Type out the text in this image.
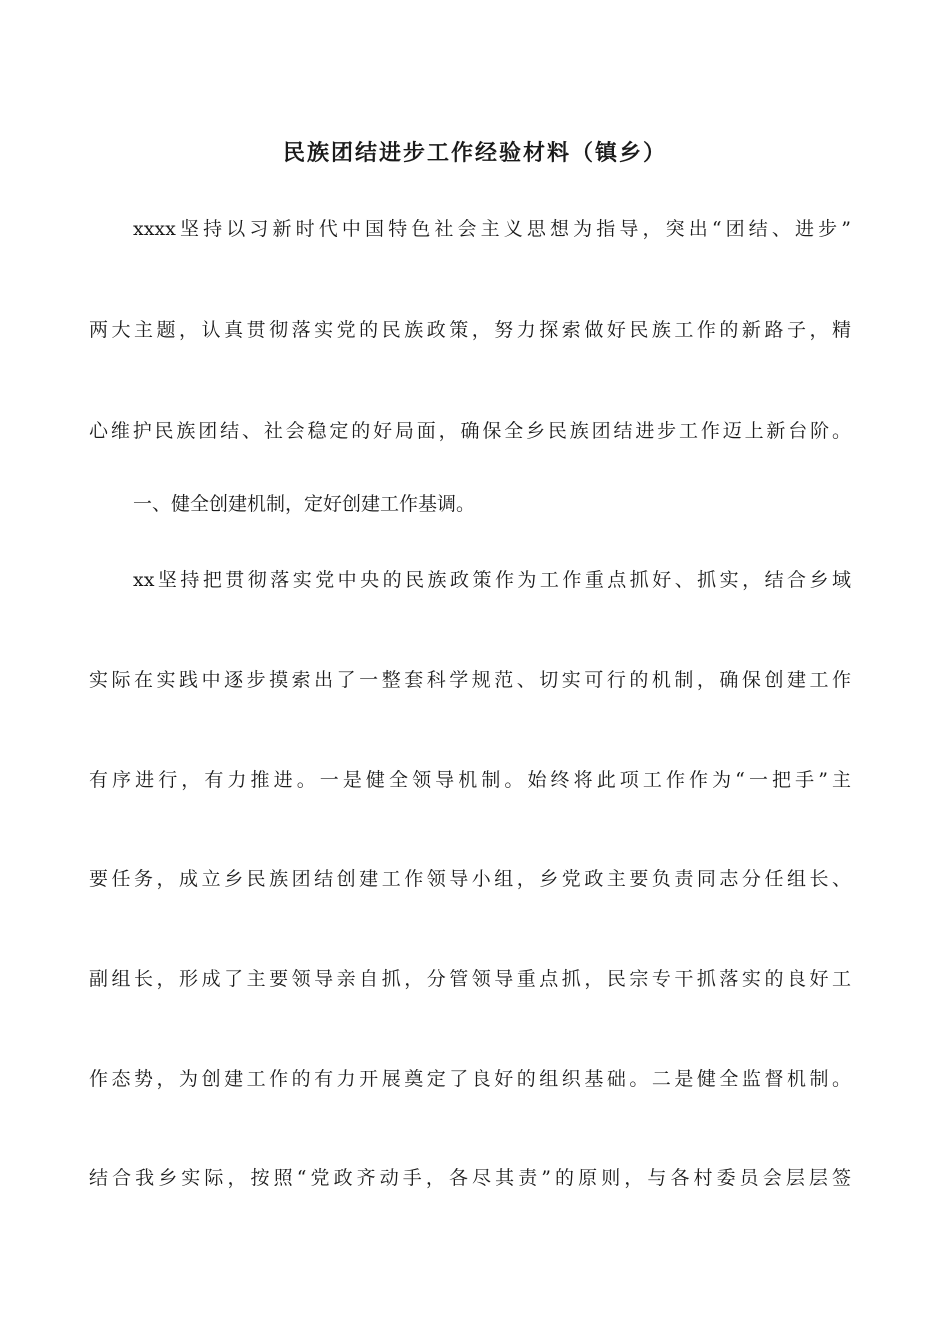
民族团结进步工作经验材料（镇乡）
xxxx坚持以习新时代中国特色社会主义思想为指导，突出“团结、进步”
两大主题，认真贯彻落实党的民族政策，努力探索做好民族工作的新路子，精
心维护民族团结、社会稳定的好局面，确保全乡民族团结进步工作迈上新台阶。
一、健全创建机制，定好创建工作基调。
xx坚持把贯彻落实党中央的民族政策作为工作重点抓好、抓实，结合乡域
实际在实践中逐步摸索出了一整套科学规范、切实可行的机制，确保创建工作
有序进行，有力推进。一是健全领导机制。始终将此项工作作为“一把手”主
要任务，成立乡民族团结创建工作领导小组，乡党政主要负责同志分任组长、
副组长，形成了主要领导亲自抓，分管领导重点抓，民宗专干抓落实的良好工
作态势，为创建工作的有力开展奠定了良好的组织基础。二是健全监督机制。
结合我乡实际，按照“党政齐动手，各尽其责”的原则，与各村委员会层层签
